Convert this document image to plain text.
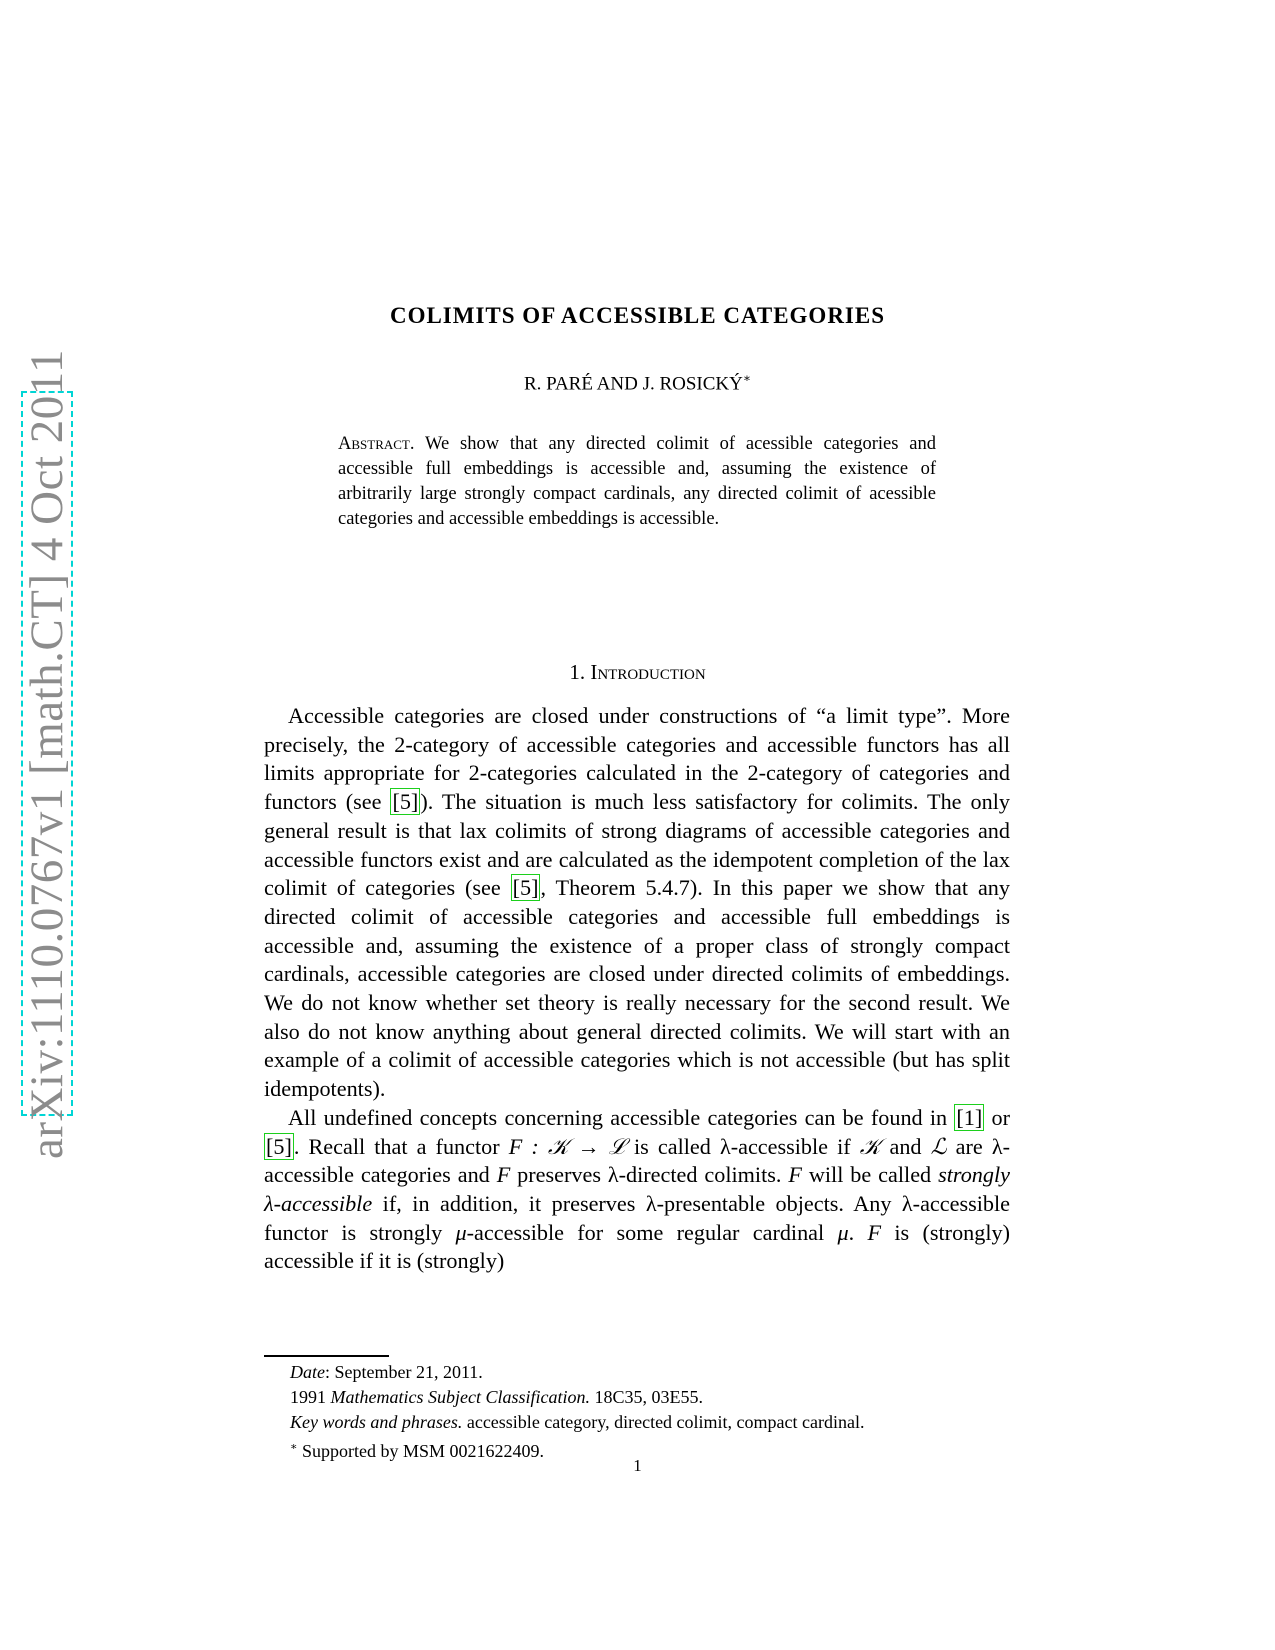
arXiv:1110.0767v1 [math.CT] 4 Oct 2011
COLIMITS OF ACCESSIBLE CATEGORIES
R. PARÉ AND J. ROSICKÝ∗
Abstract. We show that any directed colimit of acessible categories and accessible full embeddings is accessible and, assuming the existence of arbitrarily large strongly compact cardinals, any directed colimit of acessible categories and accessible embeddings is accessible.
1. Introduction

Accessible categories are closed under constructions of “a limit type”. More precisely, the 2-category of accessible categories and accessible functors has all limits appropriate for 2-categories calculated in the 2-category of categories and functors (see [5]). The situation is much less satisfactory for colimits. The only general result is that lax colimits of strong diagrams of accessible categories and accessible functors exist and are calculated as the idempotent completion of the lax colimit of categories (see [5], Theorem 5.4.7). In this paper we show that any directed colimit of accessible categories and accessible full embeddings is accessible and, assuming the existence of a proper class of strongly compact cardinals, accessible categories are closed under directed colimits of embeddings. We do not know whether set theory is really necessary for the second result. We also do not know anything about general directed colimits. We will start with an example of a colimit of accessible categories which is not accessible (but has split idempotents).

All undefined concepts concerning accessible categories can be found in [1] or [5]. Recall that a functor F : 𝒦 → ℒ is called λ-accessible if 𝒦 and ℒ are λ-accessible categories and F preserves λ-directed colimits. F will be called strongly λ-accessible if, in addition, it preserves λ-presentable objects. Any λ-accessible functor is strongly μ-accessible for some regular cardinal μ. F is (strongly) accessible if it is (strongly)

Date: September 21, 2011.
1991 Mathematics Subject Classification. 18C35, 03E55.
Key words and phrases. accessible category, directed colimit, compact cardinal.
∗ Supported by MSM 0021622409.
1
